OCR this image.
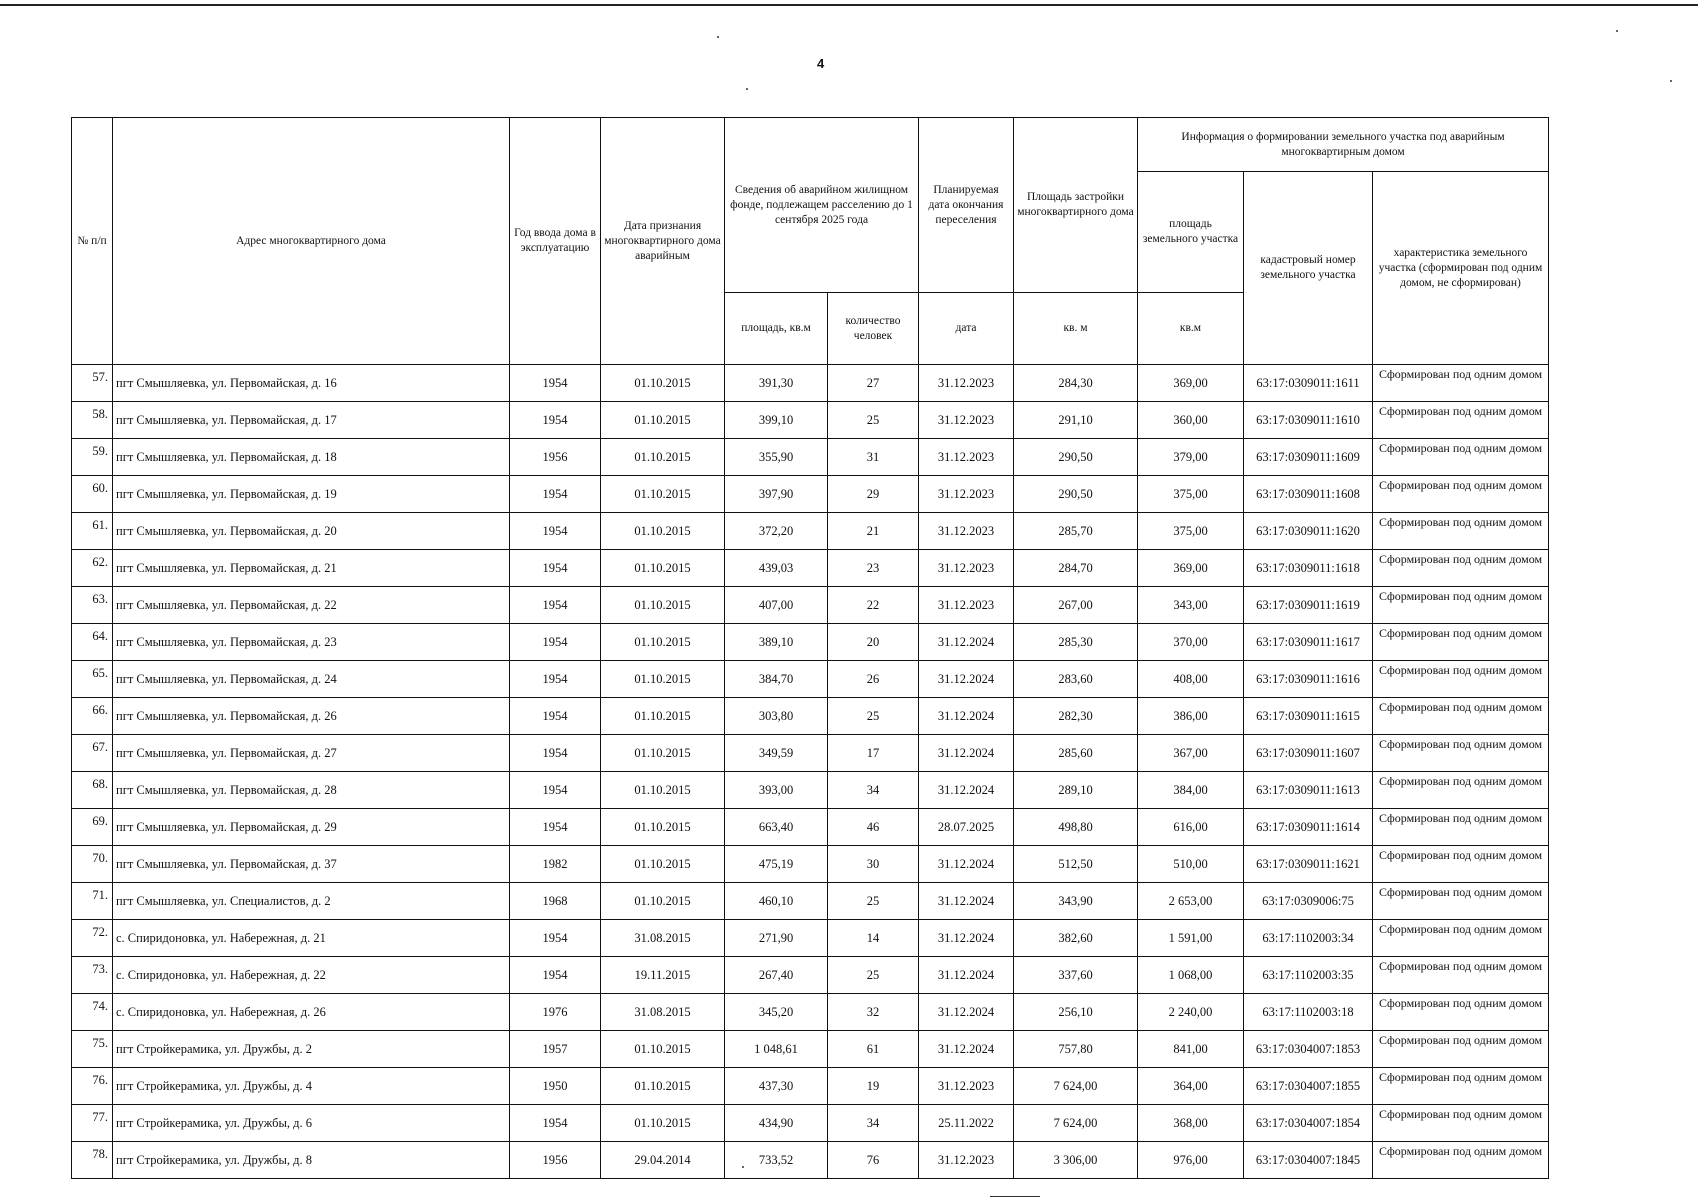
4
№ п/п	Адрес многоквартирного дома	Год ввода дома в эксплуатацию	Дата признания многоквартирного дома аварийным	Сведения об аварийном жилищном фонде, подлежащем расселению до 1 сентября 2025 года		Планируемая дата окончания переселения	Площадь застройки многоквартирного дома	Информация о формировании земельного участка под аварийным многоквартирным домом		
								площадь земельного участка	кадастровый номер земельного участка	характеристика земельного участка (сформирован под одним домом, не сформирован)
				площадь, кв.м	количество человек	дата	кв. м	кв.м		
57.	пгт Смышляевка, ул. Первомайская, д. 16	1954	01.10.2015	391,30	27	31.12.2023	284,30	369,00	63:17:0309011:1611	Сформирован под одним домом
58.	пгт Смышляевка, ул. Первомайская, д. 17	1954	01.10.2015	399,10	25	31.12.2023	291,10	360,00	63:17:0309011:1610	Сформирован под одним домом
59.	пгт Смышляевка, ул. Первомайская, д. 18	1956	01.10.2015	355,90	31	31.12.2023	290,50	379,00	63:17:0309011:1609	Сформирован под одним домом
60.	пгт Смышляевка, ул. Первомайская, д. 19	1954	01.10.2015	397,90	29	31.12.2023	290,50	375,00	63:17:0309011:1608	Сформирован под одним домом
61.	пгт Смышляевка, ул. Первомайская, д. 20	1954	01.10.2015	372,20	21	31.12.2023	285,70	375,00	63:17:0309011:1620	Сформирован под одним домом
62.	пгт Смышляевка, ул. Первомайская, д. 21	1954	01.10.2015	439,03	23	31.12.2023	284,70	369,00	63:17:0309011:1618	Сформирован под одним домом
63.	пгт Смышляевка, ул. Первомайская, д. 22	1954	01.10.2015	407,00	22	31.12.2023	267,00	343,00	63:17:0309011:1619	Сформирован под одним домом
64.	пгт Смышляевка, ул. Первомайская, д. 23	1954	01.10.2015	389,10	20	31.12.2024	285,30	370,00	63:17:0309011:1617	Сформирован под одним домом
65.	пгт Смышляевка, ул. Первомайская, д. 24	1954	01.10.2015	384,70	26	31.12.2024	283,60	408,00	63:17:0309011:1616	Сформирован под одним домом
66.	пгт Смышляевка, ул. Первомайская, д. 26	1954	01.10.2015	303,80	25	31.12.2024	282,30	386,00	63:17:0309011:1615	Сформирован под одним домом
67.	пгт Смышляевка, ул. Первомайская, д. 27	1954	01.10.2015	349,59	17	31.12.2024	285,60	367,00	63:17:0309011:1607	Сформирован под одним домом
68.	пгт Смышляевка, ул. Первомайская, д. 28	1954	01.10.2015	393,00	34	31.12.2024	289,10	384,00	63:17:0309011:1613	Сформирован под одним домом
69.	пгт Смышляевка, ул. Первомайская, д. 29	1954	01.10.2015	663,40	46	28.07.2025	498,80	616,00	63:17:0309011:1614	Сформирован под одним домом
70.	пгт Смышляевка, ул. Первомайская, д. 37	1982	01.10.2015	475,19	30	31.12.2024	512,50	510,00	63:17:0309011:1621	Сформирован под одним домом
71.	пгт Смышляевка, ул. Специалистов, д. 2	1968	01.10.2015	460,10	25	31.12.2024	343,90	2 653,00	63:17:0309006:75	Сформирован под одним домом
72.	с. Спиридоновка, ул. Набережная, д. 21	1954	31.08.2015	271,90	14	31.12.2024	382,60	1 591,00	63:17:1102003:34	Сформирован под одним домом
73.	с. Спиридоновка, ул. Набережная, д. 22	1954	19.11.2015	267,40	25	31.12.2024	337,60	1 068,00	63:17:1102003:35	Сформирован под одним домом
74.	с. Спиридоновка, ул. Набережная, д. 26	1976	31.08.2015	345,20	32	31.12.2024	256,10	2 240,00	63:17:1102003:18	Сформирован под одним домом
75.	пгт Стройкерамика, ул. Дружбы, д. 2	1957	01.10.2015	1 048,61	61	31.12.2024	757,80	841,00	63:17:0304007:1853	Сформирован под одним домом
76.	пгт Стройкерамика, ул. Дружбы, д. 4	1950	01.10.2015	437,30	19	31.12.2023	7 624,00	364,00	63:17:0304007:1855	Сформирован под одним домом
77.	пгт Стройкерамика, ул. Дружбы, д. 6	1954	01.10.2015	434,90	34	25.11.2022	7 624,00	368,00	63:17:0304007:1854	Сформирован под одним домом
78.	пгт Стройкерамика, ул. Дружбы, д. 8	1956	29.04.2014	733,52	76	31.12.2023	3 306,00	976,00	63:17:0304007:1845	Сформирован под одним домом
